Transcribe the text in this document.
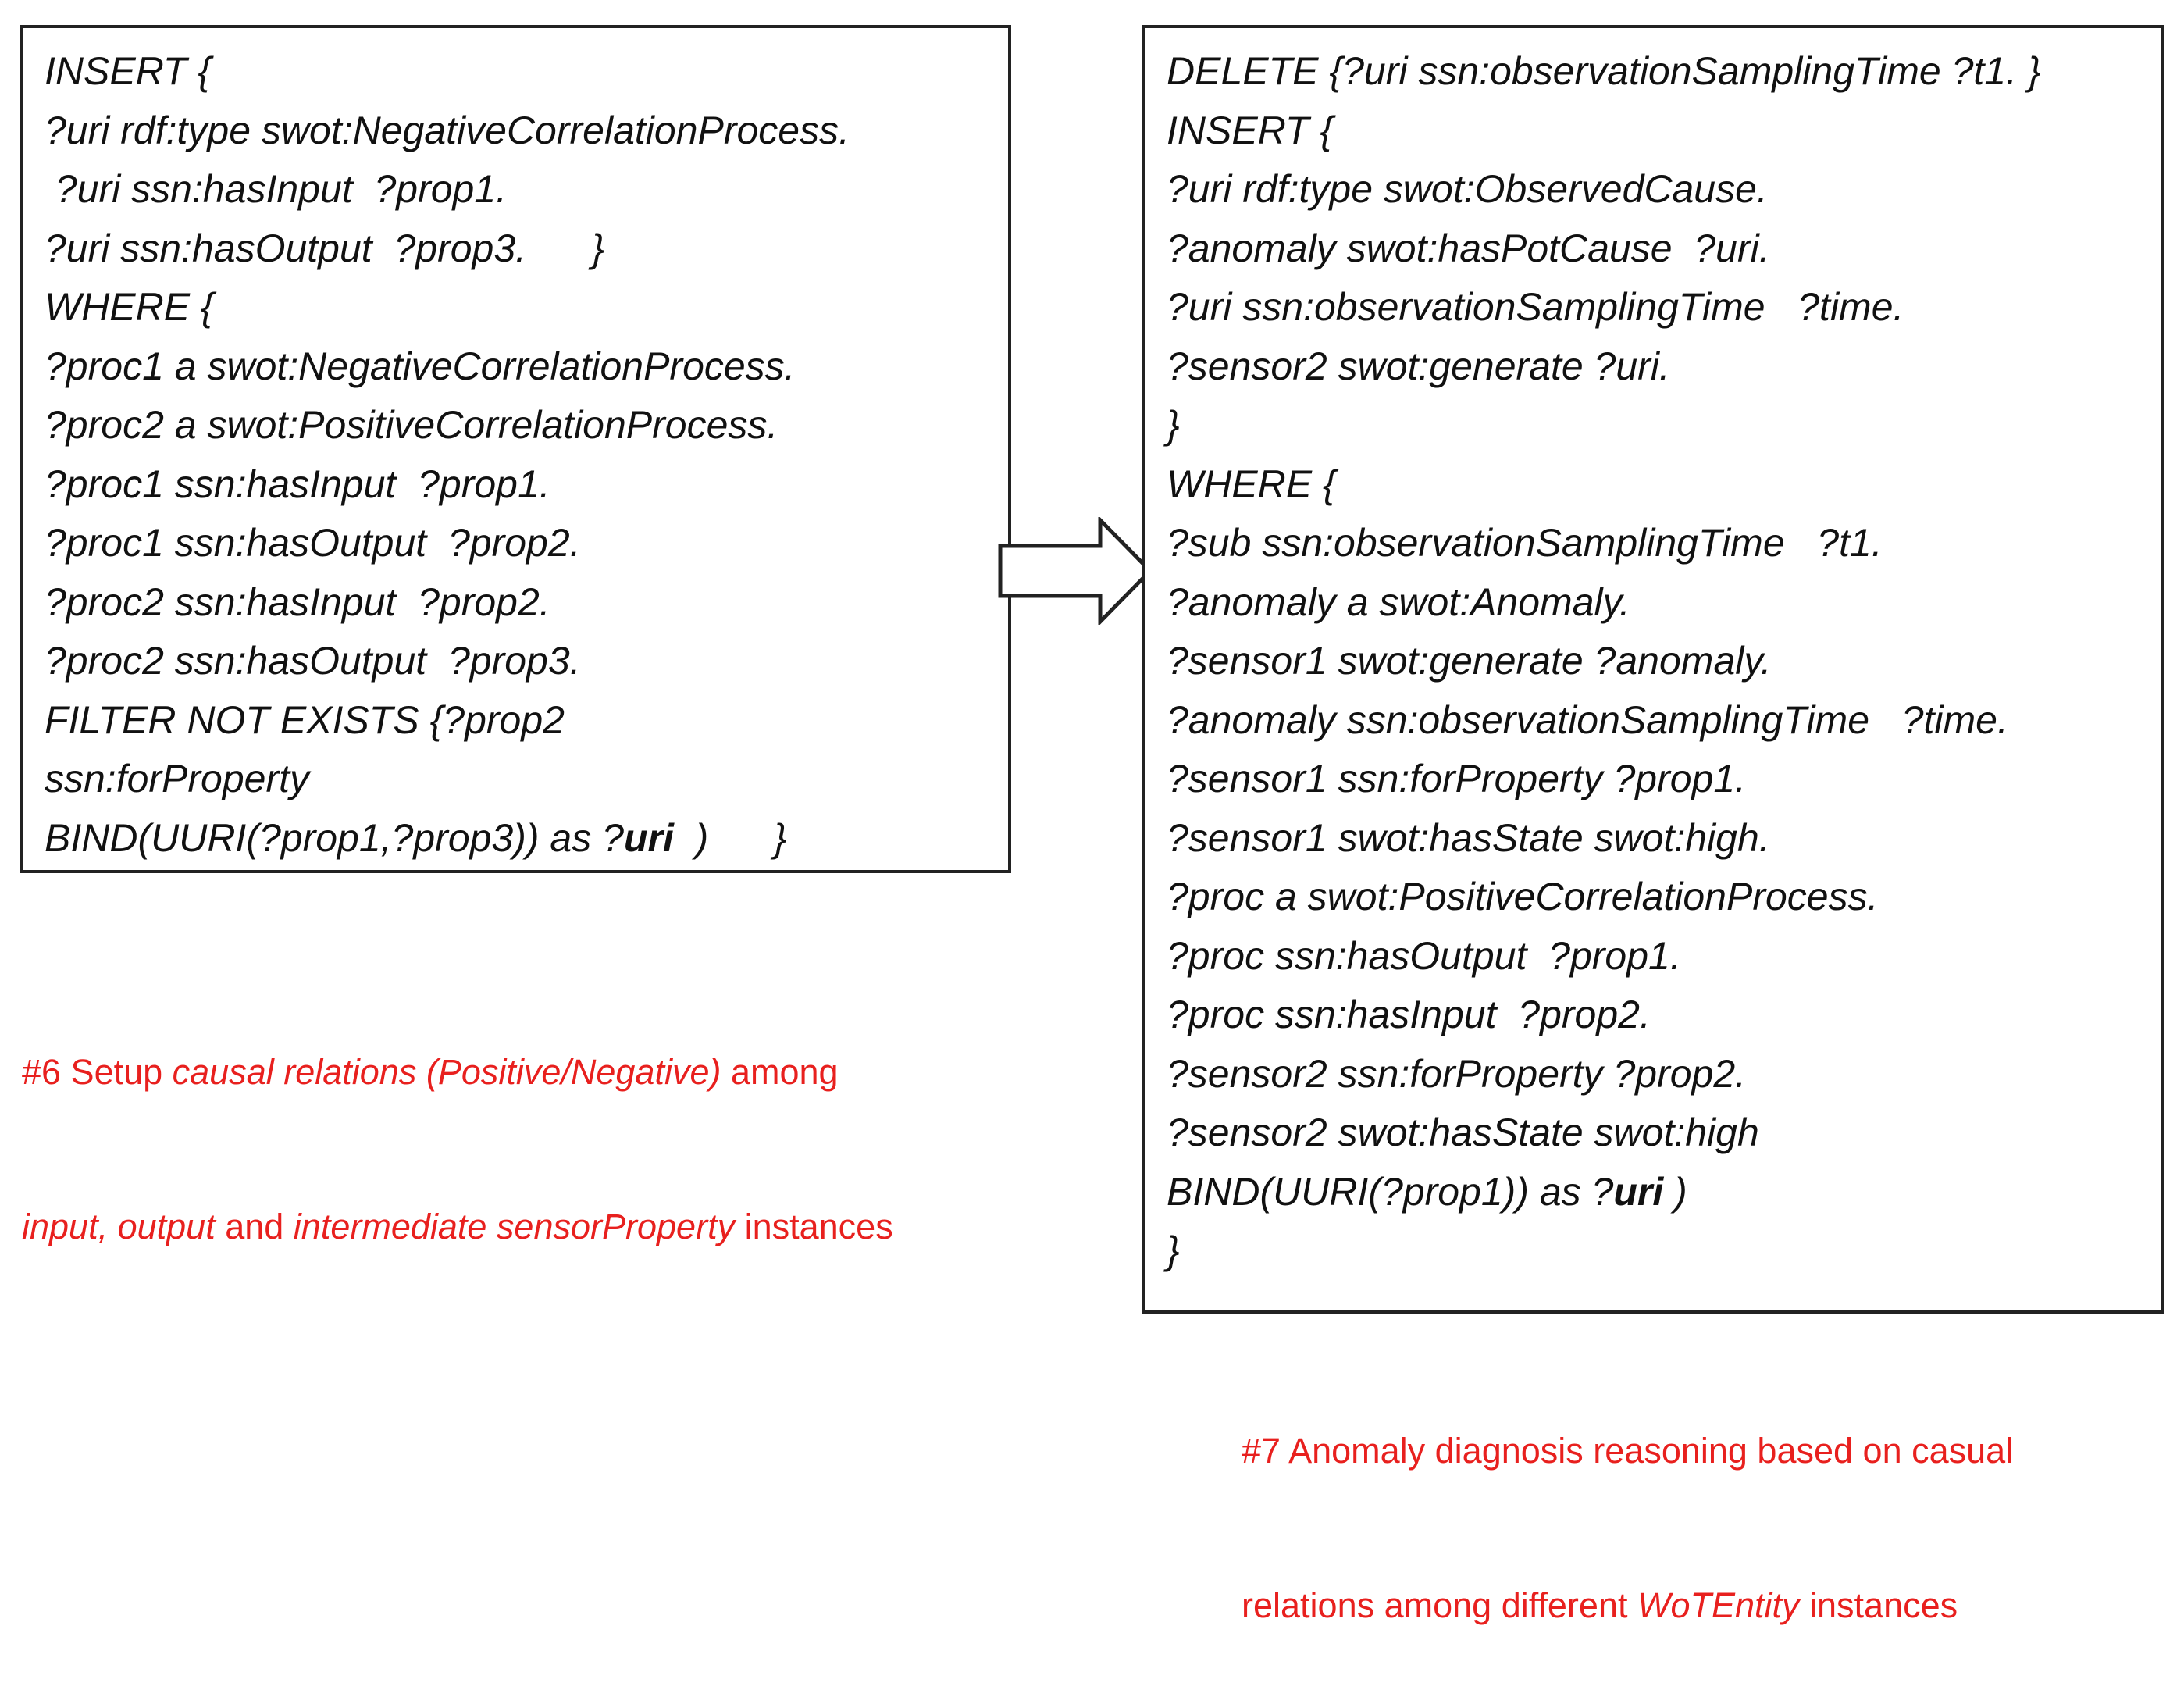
INSERT {
?uri rdf:type swot:NegativeCorrelationProcess.
?uri ssn:hasInput  ?prop1.
?uri ssn:hasOutput  ?prop3.      }
WHERE {
?proc1 a swot:NegativeCorrelationProcess.
?proc2 a swot:PositiveCorrelationProcess.
?proc1 ssn:hasInput  ?prop1.
?proc1 ssn:hasOutput  ?prop2.
?proc2 ssn:hasInput  ?prop2.
?proc2 ssn:hasOutput  ?prop3.
FILTER NOT EXISTS {?prop2
ssn:forProperty
BIND(UURI(?prop1,?prop3)) as ?uri  )      }
DELETE {?uri ssn:observationSamplingTime ?t1. }
INSERT {
?uri rdf:type swot:ObservedCause.
?anomaly swot:hasPotCause  ?uri.
?uri ssn:observationSamplingTime   ?time.
?sensor2 swot:generate ?uri.
}
WHERE {
?sub ssn:observationSamplingTime   ?t1.
?anomaly a swot:Anomaly.
?sensor1 swot:generate ?anomaly.
?anomaly ssn:observationSamplingTime   ?time.
?sensor1 ssn:forProperty ?prop1.
?sensor1 swot:hasState swot:high.
?proc a swot:PositiveCorrelationProcess.
?proc ssn:hasOutput  ?prop1.
?proc ssn:hasInput  ?prop2.
?sensor2 ssn:forProperty ?prop2.
?sensor2 swot:hasState swot:high
BIND(UURI(?prop1)) as ?uri )
}

#6 Setup causal relations (Positive/Negative) among

input, output and intermediate sensorProperty instances

#7 Anomaly diagnosis reasoning based on casual

relations among different WoTEntity instances
